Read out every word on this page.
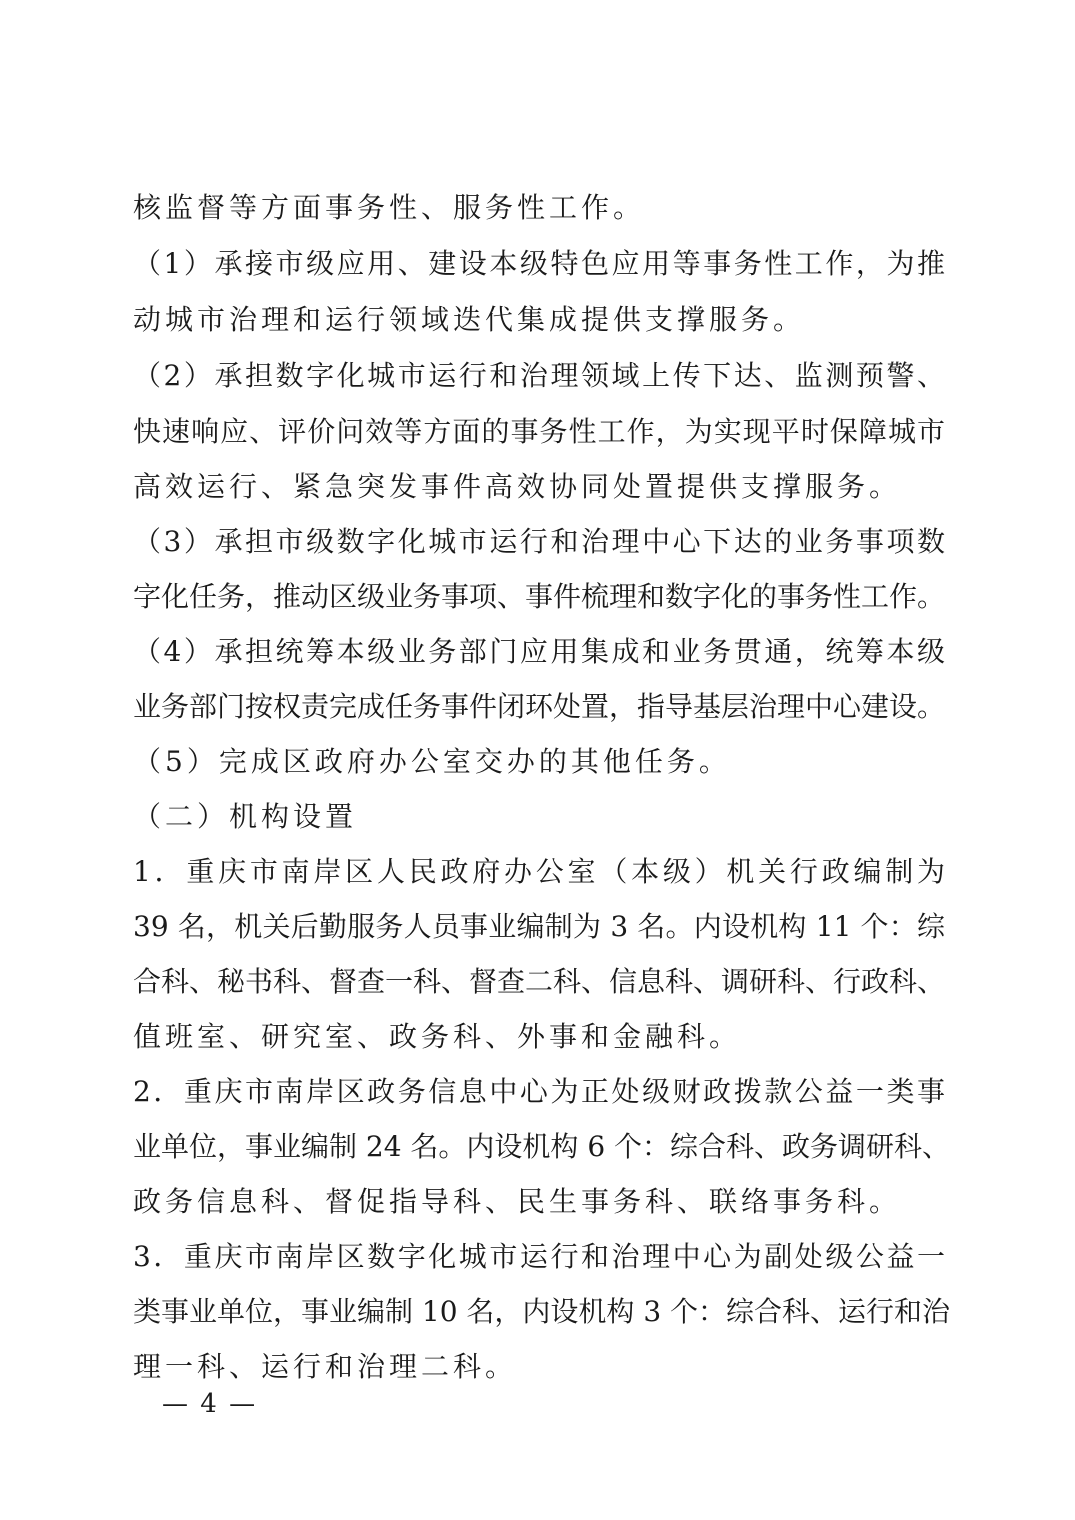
核监督等方面事务性、服务性工作。
（1）承接市级应用、建设本级特色应用等事务性工作，为推
动城市治理和运行领域迭代集成提供支撑服务。
（2）承担数字化城市运行和治理领域上传下达、监测预警、
快速响应、评价问效等方面的事务性工作，为实现平时保障城市
高效运行、紧急突发事件高效协同处置提供支撑服务。
（3）承担市级数字化城市运行和治理中心下达的业务事项数
字化任务，推动区级业务事项、事件梳理和数字化的事务性工作。
（4）承担统筹本级业务部门应用集成和业务贯通，统筹本级
业务部门按权责完成任务事件闭环处置，指导基层治理中心建设。
（5）完成区政府办公室交办的其他任务。
（二）机构设置
1．重庆市南岸区人民政府办公室（本级）机关行政编制为
39 名，机关后勤服务人员事业编制为 3 名。内设机构 11 个：综
合科、秘书科、督查一科、督查二科、信息科、调研科、行政科、
值班室、研究室、政务科、外事和金融科。
2．重庆市南岸区政务信息中心为正处级财政拨款公益一类事
业单位，事业编制 24 名。内设机构 6 个：综合科、政务调研科、
政务信息科、督促指导科、民生事务科、联络事务科。
3．重庆市南岸区数字化城市运行和治理中心为副处级公益一
类事业单位，事业编制 10 名，内设机构 3 个：综合科、运行和治
理一科、运行和治理二科。
— 4 —
